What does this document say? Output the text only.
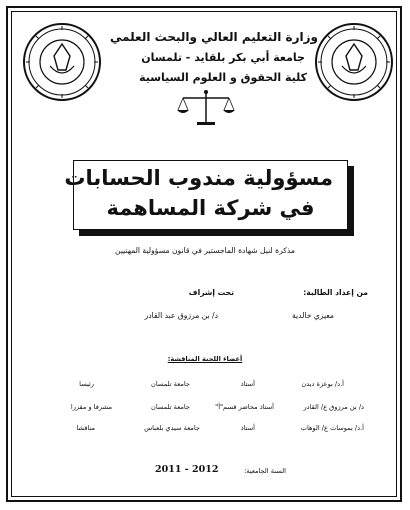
وزارة التعليم العالي والبحث العلمي
جامعة أبي بكر بلقايد - تلمسان
كلية الحقوق و العلوم السياسية
مسؤولية مندوب الحسابات
في شركة المساهمة
مذكرة لنيل شهادة الماجستير في قانون مسؤولية المهنيين
من إعداد الطالبة:
تحت إشراف
معيزي خالدية
د/ بن مرزوق عبد القادر
أعضاء اللجنة المناقشة:
أ.د/ بوعزة ديدن
أستاذ
جامعة تلمسان
رئيسا
د/ بن مرزوق ع/ القادر
أستاذ محاضر قسم"أ"
جامعة تلمسان
مشرفا و مقررا
أ.د/ بموسات ع/ الوهاب
أستاذ
جامعة سيدي بلعباس
مناقشا
السنة الجامعية:
2011 - 2012
